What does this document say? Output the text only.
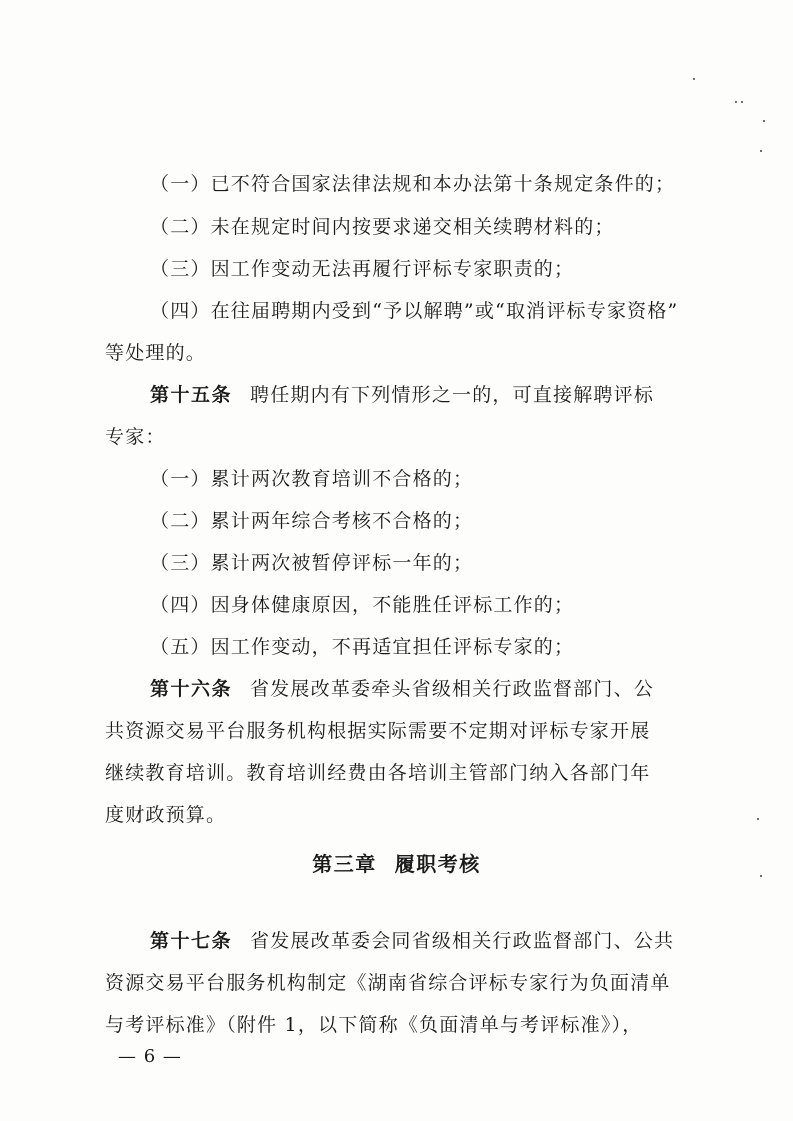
（一）已不符合国家法律法规和本办法第十条规定条件的；
（二）未在规定时间内按要求递交相关续聘材料的；
（三）因工作变动无法再履行评标专家职责的；
（四）在往届聘期内受到“予以解聘”或“取消评标专家资格”
等处理的。
第十五条 聘任期内有下列情形之一的，可直接解聘评标
专家：
（一）累计两次教育培训不合格的；
（二）累计两年综合考核不合格的；
（三）累计两次被暂停评标一年的；
（四）因身体健康原因，不能胜任评标工作的；
（五）因工作变动，不再适宜担任评标专家的；
第十六条 省发展改革委牵头省级相关行政监督部门、公
共资源交易平台服务机构根据实际需要不定期对评标专家开展
继续教育培训。教育培训经费由各培训主管部门纳入各部门年
度财政预算。
第三章 履职考核
第十七条 省发展改革委会同省级相关行政监督部门、公共
资源交易平台服务机构制定《湖南省综合评标专家行为负面清单
与考评标准》（附件 1，以下简称《负面清单与考评标准》），
— 6 —
